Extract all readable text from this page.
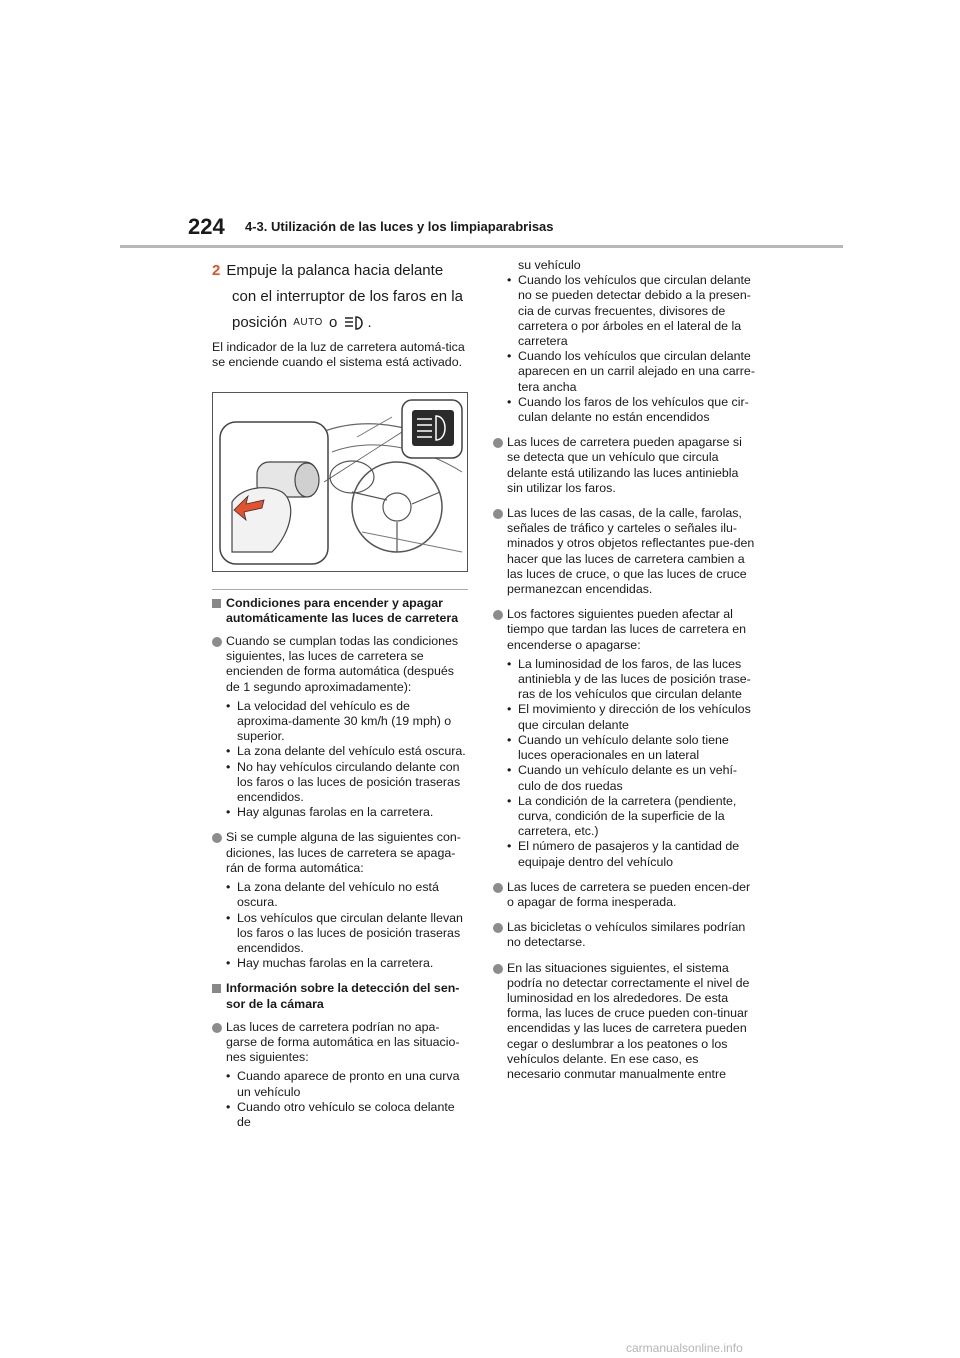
224 4-3. Utilización de las luces y los limpiaparabrisas
2 Empuje la palanca hacia delante
con el interruptor de los faros en la
posición AUTO o .

El indicador de la luz de carretera automá-tica se enciende cuando el sistema está activado.

Condiciones para encender y apagar automáticamente las luces de carretera
Cuando se cumplan todas las condiciones siguientes, las luces de carretera se encienden de forma automática (después de 1 segundo aproximadamente):
• La velocidad del vehículo es de aproxima-damente 30 km/h (19 mph) o superior.
• La zona delante del vehículo está oscura.
• No hay vehículos circulando delante con los faros o las luces de posición traseras encendidos.
• Hay algunas farolas en la carretera.
Si se cumple alguna de las siguientes con-diciones, las luces de carretera se apaga-rán de forma automática:
• La zona delante del vehículo no está oscura.
• Los vehículos que circulan delante llevan los faros o las luces de posición traseras encendidos.
• Hay muchas farolas en la carretera.
Información sobre la detección del sen-sor de la cámara
Las luces de carretera podrían no apa-garse de forma automática en las situacio-nes siguientes:
• Cuando aparece de pronto en una curva un vehículo
• Cuando otro vehículo se coloca delante de

su vehículo

• Cuando los vehículos que circulan delante no se pueden detectar debido a la presen-cia de curvas frecuentes, divisores de carretera o por árboles en el lateral de la carretera
• Cuando los vehículos que circulan delante aparecen en un carril alejado en una carre-tera ancha
• Cuando los faros de los vehículos que cir-culan delante no están encendidos
Las luces de carretera pueden apagarse si se detecta que un vehículo que circula delante está utilizando las luces antiniebla sin utilizar los faros.
Las luces de las casas, de la calle, farolas, señales de tráfico y carteles o señales ilu-minados y otros objetos reflectantes pue-den hacer que las luces de carretera cambien a las luces de cruce, o que las luces de cruce permanezcan encendidas.
Los factores siguientes pueden afectar al tiempo que tardan las luces de carretera en encenderse o apagarse:
• La luminosidad de los faros, de las luces antiniebla y de las luces de posición trase-ras de los vehículos que circulan delante
• El movimiento y dirección de los vehículos que circulan delante
• Cuando un vehículo delante solo tiene luces operacionales en un lateral
• Cuando un vehículo delante es un vehí-culo de dos ruedas
• La condición de la carretera (pendiente, curva, condición de la superficie de la carretera, etc.)
• El número de pasajeros y la cantidad de equipaje dentro del vehículo
Las luces de carretera se pueden encen-der o apagar de forma inesperada.
Las bicicletas o vehículos similares podrían no detectarse.
En las situaciones siguientes, el sistema podría no detectar correctamente el nivel de luminosidad en los alrededores. De esta forma, las luces de cruce pueden con-tinuar encendidas y las luces de carretera pueden cegar o deslumbrar a los peatones o los vehículos delante. En ese caso, es necesario conmutar manualmente entre
carmanualsonline.info
